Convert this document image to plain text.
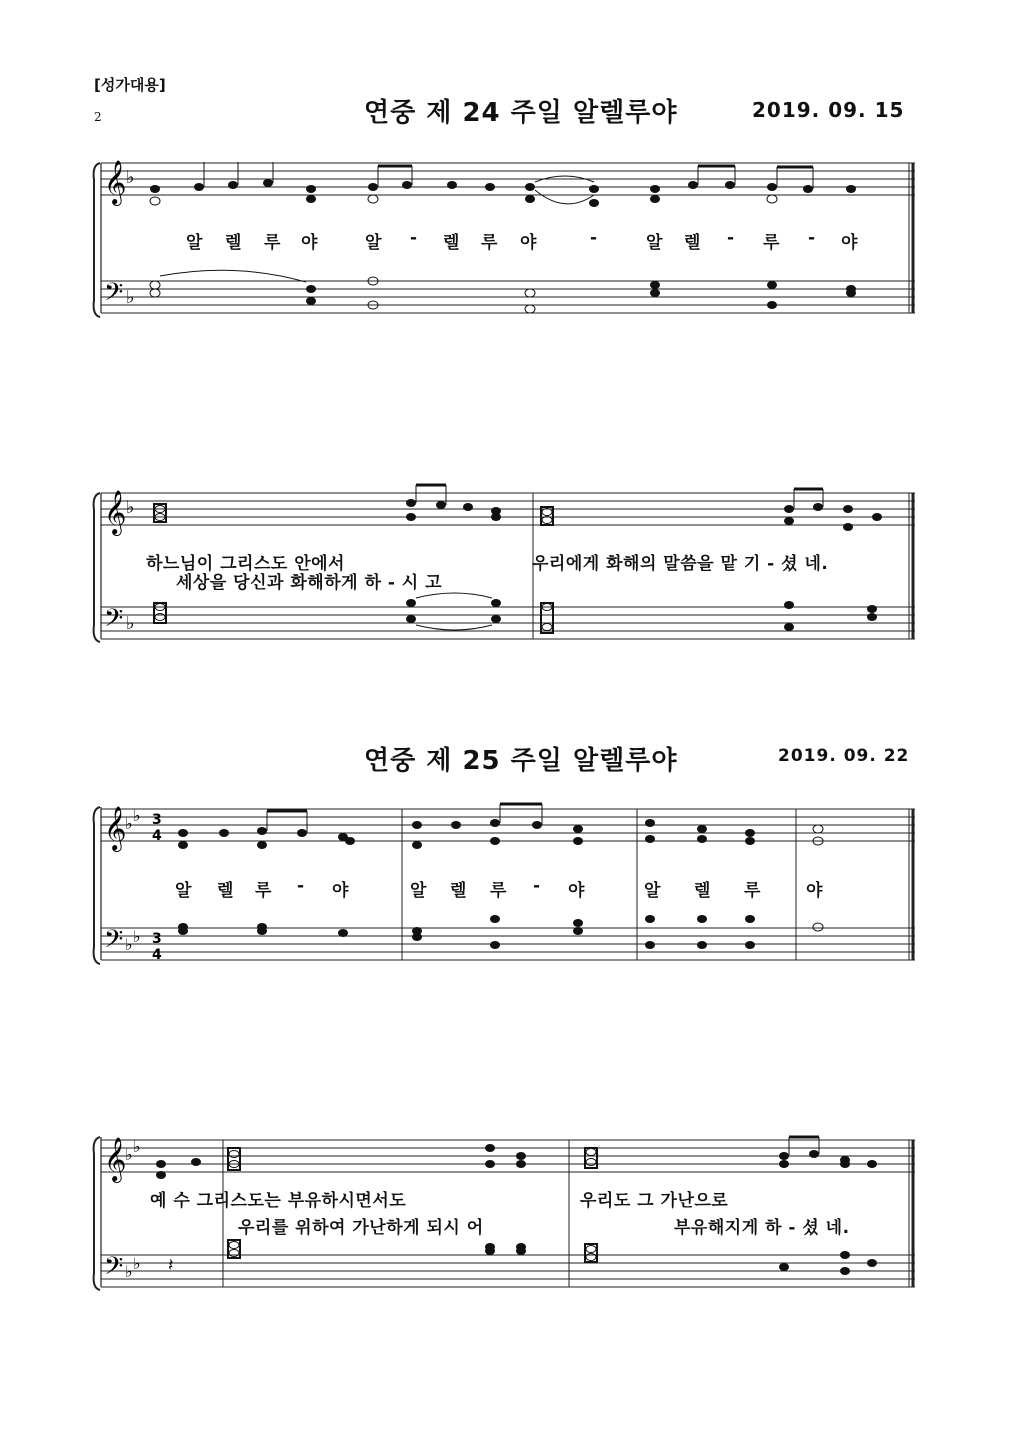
[성가대용]
2	연중 제 24 주일 알렐루야	2019. 09. 15
연중 제 25 주일 알렐루야	2019. 09. 22
𝄞
𝄢
♭
♭
𝄞
𝄢
♭
♭
𝄞
𝄢
♭ ♭
♭ ♭
3
4
3
4
𝄞
𝄢
♭ ♭
♭ ♭ 𝄽
알 렐 루 야	알 - 렐 루 야	-	알 렐 - 루 - 야
하느님이 그리스도 안에서	우리에게 화해의 말씀을 맡 기 - 셨 네.
세상을 당신과 화해하게 하 - 시 고
알 렐 루 - 야	알 렐 루 - 야	알 렐 루	야
예 수 그리스도는 부유하시면서도	우리도 그 가난으로
우리를 위하여 가난하게 되시 어	부유해지게 하 - 셨 네.
